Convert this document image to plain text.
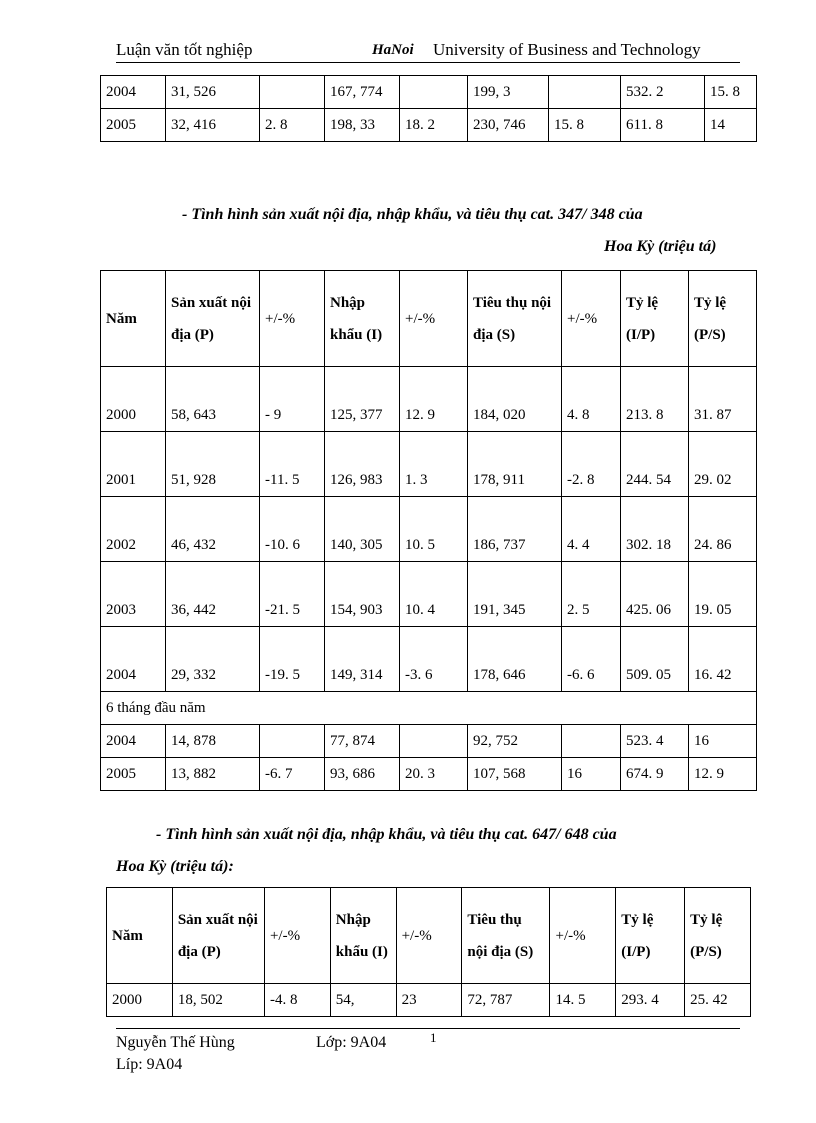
Luận văn tốt nghiệp	HaNoi University of Business and Technology
2004	31, 526		167, 774		199, 3		532. 2	15. 8
2005	32, 416	2. 8	198, 33	18. 2	230, 746	15. 8	611. 8	14
- Tình hình sản xuất nội địa, nhập khẩu, và tiêu thụ cat. 347/ 348 của
Hoa Kỳ (triệu tá)
Năm	Sản xuất nội địa (P)	+/-%	Nhập khẩu (I)	+/-%	Tiêu thụ nội địa (S)	+/-%	Tỷ lệ (I/P)	Tỷ lệ (P/S)
2000	58, 643	- 9	125, 377	12. 9	184, 020	4. 8	213. 8	31. 87
2001	51, 928	-11. 5	126, 983	1. 3	178, 911	-2. 8	244. 54	29. 02
2002	46, 432	-10. 6	140, 305	10. 5	186, 737	4. 4	302. 18	24. 86
2003	36, 442	-21. 5	154, 903	10. 4	191, 345	2. 5	425. 06	19. 05
2004	29, 332	-19. 5	149, 314	-3. 6	178, 646	-6. 6	509. 05	16. 42
6 tháng đầu năm								
2004	14, 878		77, 874		92, 752		523. 4	16
2005	13, 882	-6. 7	93, 686	20. 3	107, 568	16	674. 9	12. 9
- Tình hình sản xuất nội địa, nhập khẩu, và tiêu thụ cat. 647/ 648 của
Hoa Kỳ (triệu tá):
Năm	Sản xuất nội địa (P)	+/-%	Nhập khẩu (I)	+/-%	Tiêu thụ nội địa (S)	+/-%	Tỷ lệ (I/P)	Tỷ lệ (P/S)
2000	18, 502	-4. 8	54,	23	72, 787	14. 5	293. 4	25. 42
Nguyễn Thế Hùng	Lớp: 9A04	1
Líp: 9A04
